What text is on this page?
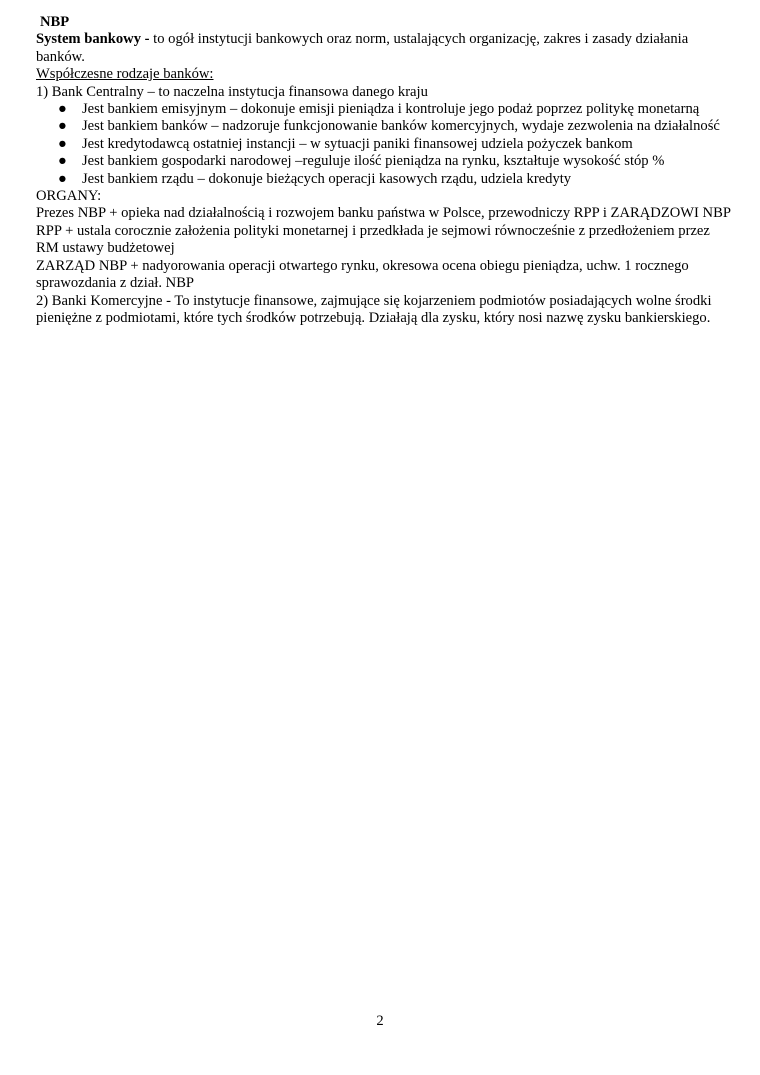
NBP
System bankowy - to ogół instytucji bankowych oraz norm, ustalających organizację, zakres i zasady działania banków.
Współczesne rodzaje banków:
1) Bank Centralny – to naczelna instytucja finansowa danego kraju
● Jest bankiem emisyjnym – dokonuje emisji pieniądza i kontroluje jego podaż poprzez politykę monetarną
● Jest bankiem banków – nadzoruje funkcjonowanie banków komercyjnych, wydaje zezwolenia na działalność
● Jest kredytodawcą ostatniej instancji – w sytuacji paniki finansowej udziela pożyczek bankom
● Jest bankiem gospodarki narodowej –reguluje ilość pieniądza na rynku, kształtuje wysokość stóp %
● Jest bankiem rządu – dokonuje bieżących operacji kasowych rządu, udziela kredyty
ORGANY:
Prezes NBP + opieka nad działalnością i rozwojem banku państwa w Polsce, przewodniczy RPP i ZARĄDZOWI NBP
RPP + ustala corocznie założenia polityki monetarnej i przedkłada je sejmowi równocześnie z przedłożeniem przez RM ustawy budżetowej
ZARZĄD NBP + nadyorowania operacji otwartego rynku, okresowa ocena obiegu pieniądza, uchw. 1 rocznego sprawozdania z dział. NBP
2) Banki Komercyjne - To instytucje finansowe, zajmujące się kojarzeniem podmiotów posiadających wolne środki pieniężne z podmiotami, które tych środków potrzebują. Działają dla zysku, który nosi nazwę zysku bankierskiego.
2
